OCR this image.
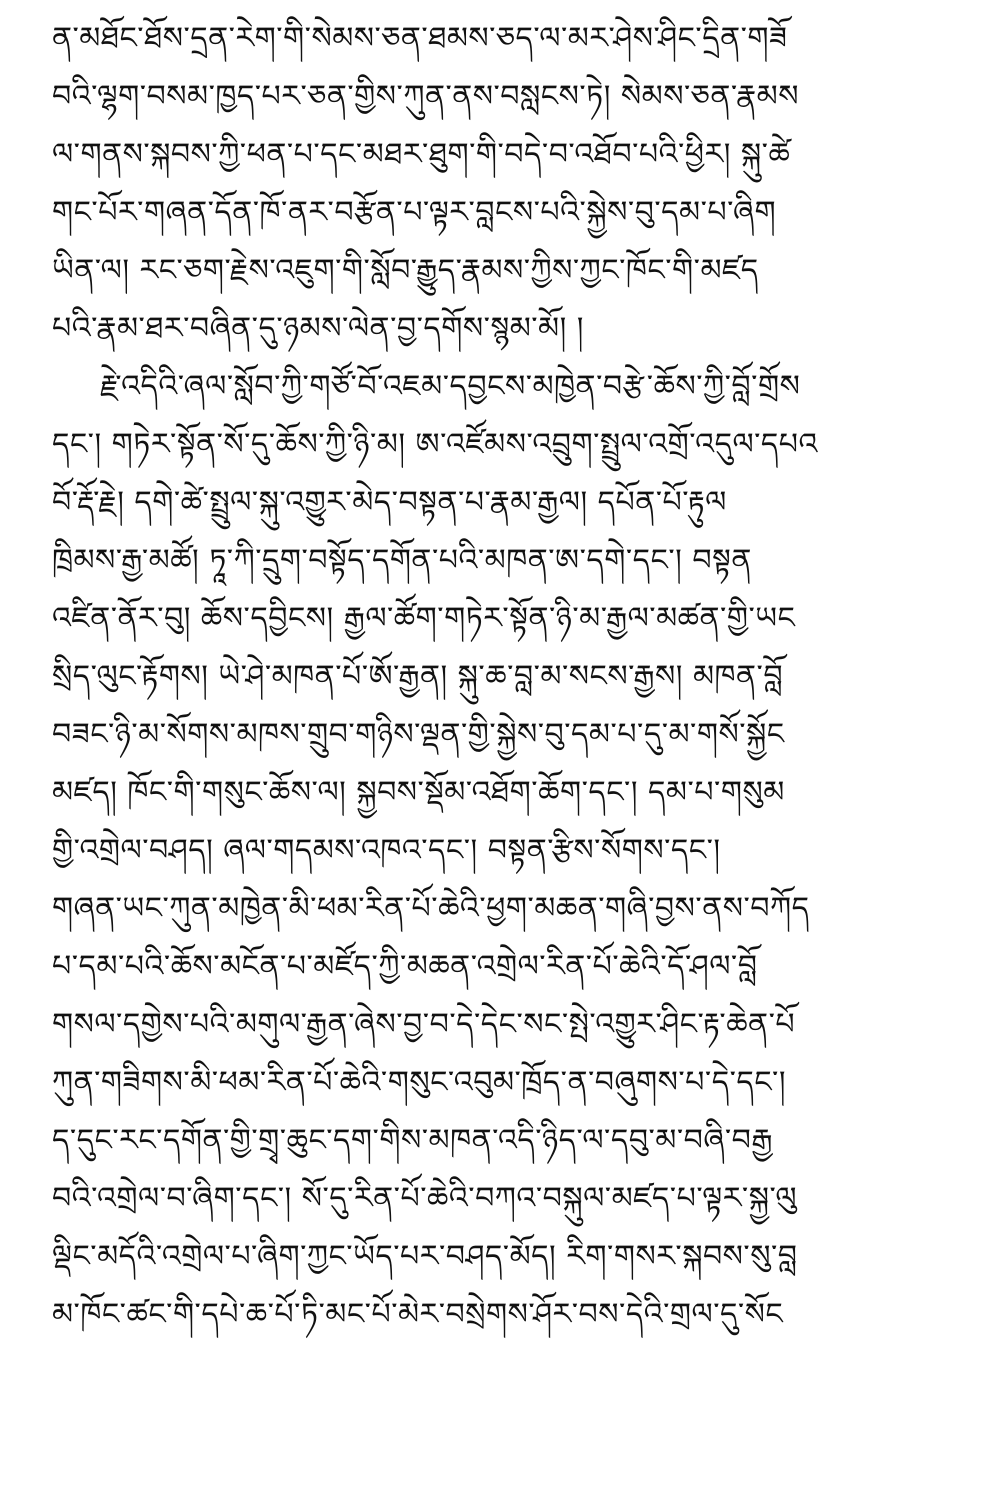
ན་མཐོང་ཐོས་དྲན་རེག་གི་སེམས་ཅན་ཐམས་ཅད་ལ་མར་ཤེས་ཤིང་དྲིན་གཟོ
བའི་ལྷག་བསམ་ཁྱད་པར་ཅན་གྱིས་ཀུན་ནས་བསླངས་ཏེ། སེམས་ཅན་རྣམས
ལ་གནས་སྐབས་ཀྱི་ཕན་པ་དང་མཐར་ཐུག་གི་བདེ་བ་འཐོབ་པའི་ཕྱིར། སྐུ་ཚེ
གང་པོར་གཞན་དོན་ཁོ་ནར་བརྩོན་པ་ལྟར་བླངས་པའི་སྐྱེས་བུ་དམ་པ་ཞིག
ཡིན་ལ། རང་ཅག་རྗེས་འཇུག་གི་སློབ་རྒྱུད་རྣམས་ཀྱིས་ཀྱང་ཁོང་གི་མཛད
པའི་རྣམ་ཐར་བཞིན་དུ་ཉམས་ལེན་བྱ་དགོས་སྙམ་མོ། །
རྗེ་འདིའི་ཞལ་སློབ་ཀྱི་གཙོ་བོ་འཇམ་དབྱངས་མཁྱེན་བརྩེ་ཆོས་ཀྱི་བློ་གྲོས
དང་། གཏེར་སྟོན་སོ་དུ་ཆོས་ཀྱི་ཉི་མ། ཨ་འཛོམས་འབྲུག་སྤྲུལ་འགྲོ་འདུལ་དཔའ
བོ་རྡོ་རྗེ། དགེ་ཚེ་སྤྲུལ་སྐུ་འགྱུར་མེད་བསྟན་པ་རྣམ་རྒྱལ། དཔོན་པོ་རྟུལ
ཁྲིམས་རྒྱ་མཚོ། ཏཱ་ཀི་དྲུག་བསྟོད་དགོན་པའི་མཁན་ཨ་དགེ་དང་། བསྟན
འཛིན་ནོར་བུ། ཆོས་དབྱིངས། རྒྱལ་ཚོག་གཏེར་སྟོན་ཉི་མ་རྒྱལ་མཚན་གྱི་ཡང
སྲིད་ལུང་རྟོགས། ཡེ་ཤེ་མཁན་པོ་ཨོ་རྒྱན། སྐུ་ཆ་བླ་མ་སངས་རྒྱས། མཁན་བློ
བཟང་ཉི་མ་སོགས་མཁས་གྲུབ་གཉིས་ལྡན་གྱི་སྐྱེས་བུ་དམ་པ་དུ་མ་གསོ་སྐྱོང
མཛད། ཁོང་གི་གསུང་ཆོས་ལ། སྐྱབས་སྡོམ་འཐོག་ཆོག་དང་། དམ་པ་གསུམ
གྱི་འགྲེལ་བཤད། ཞལ་གདམས་འཁའ་དང་། བསྟན་རྩིས་སོགས་དང་།
གཞན་ཡང་ཀུན་མཁྱེན་མི་ཕམ་རིན་པོ་ཆེའི་ཕྱག་མཆན་གཞི་བྱས་ནས་བཀོད
པ་དམ་པའི་ཆོས་མངོན་པ་མཛོད་ཀྱི་མཆན་འགྲེལ་རིན་པོ་ཆེའི་དོ་ཤལ་བློ
གསལ་དགྱེས་པའི་མགུལ་རྒྱན་ཞེས་བྱ་བ་དེ་དེང་སང་སྤེ་འགྱུར་ཤིང་རྟ་ཆེན་པོ
ཀུན་གཟིགས་མི་ཕམ་རིན་པོ་ཆེའི་གསུང་འབུམ་ཁྲོད་ན་བཞུགས་པ་དེ་དང་།
ད་དུང་རང་དགོན་གྱི་གྲྭ་ཆུང་དག་གིས་མཁན་འདི་ཉིད་ལ་དབུ་མ་བཞི་བརྒྱ
བའི་འགྲེལ་བ་ཞིག་དང་། སོ་དུ་རིན་པོ་ཆེའི་བཀའ་བསྐུལ་མཛད་པ་ལྟར་སྐྱ་ལུ
ལྡིང་མདོའི་འགྲེལ་པ་ཞིག་ཀྱང་ཡོད་པར་བཤད་མོད། རིག་གསར་སྐབས་སུ་བླ
མ་ཁོང་ཚང་གི་དཔེ་ཆ་པོ་ཏི་མང་པོ་མེར་བསྲེགས་ཤོར་བས་དེའི་གྲལ་དུ་སོང
